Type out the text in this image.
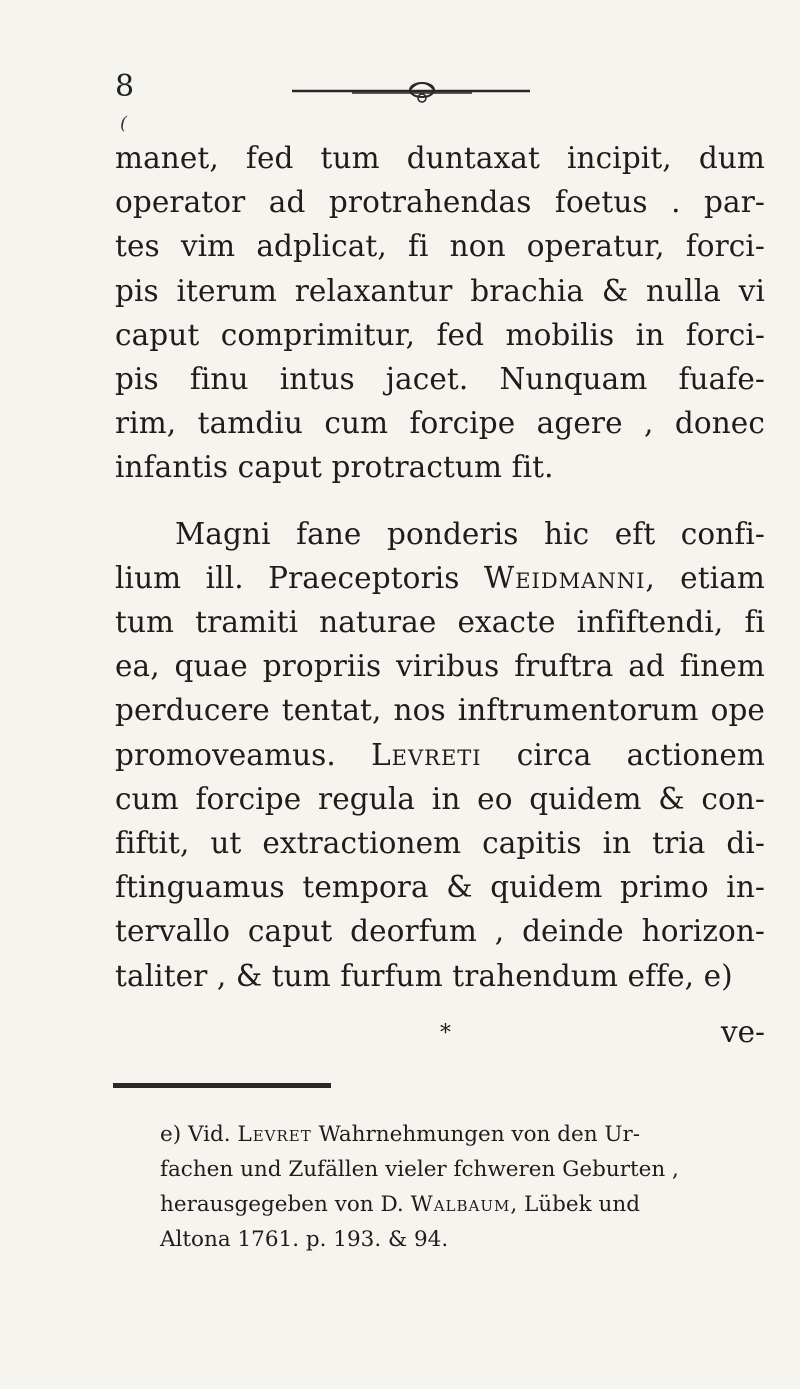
8
(
manet, fed tum duntaxat incipit, dum
operator ad protrahendas foetus . par-
tes vim adplicat, fi non operatur, forci-
pis iterum relaxantur brachia & nulla vi
caput comprimitur, fed mobilis in forci-
pis finu intus jacet. Nunquam fuafe-
rim, tamdiu cum forcipe agere , donec
infantis caput protractum fit.
Magni fane ponderis hic eft confi-
lium ill. Praeceptoris Weidmanni, etiam
tum tramiti naturae exacte infiftendi, fi
ea, quae propriis viribus fruftra ad finem
perducere tentat, nos inftrumentorum ope
promoveamus. Levreti circa actionem
cum forcipe regula in eo quidem & con-
fiftit, ut extractionem capitis in tria di-
ftinguamus tempora & quidem primo in-
tervallo caput deorfum , deinde horizon-
taliter , & tum furfum trahendum effe, e)
*	ve-
e) Vid. Levret Wahrnehmungen von den Ur-
fachen und Zufällen vieler fchweren Geburten ,
herausgegeben von D. Walbaum, Lübek und
Altona 1761. p. 193. & 94.
